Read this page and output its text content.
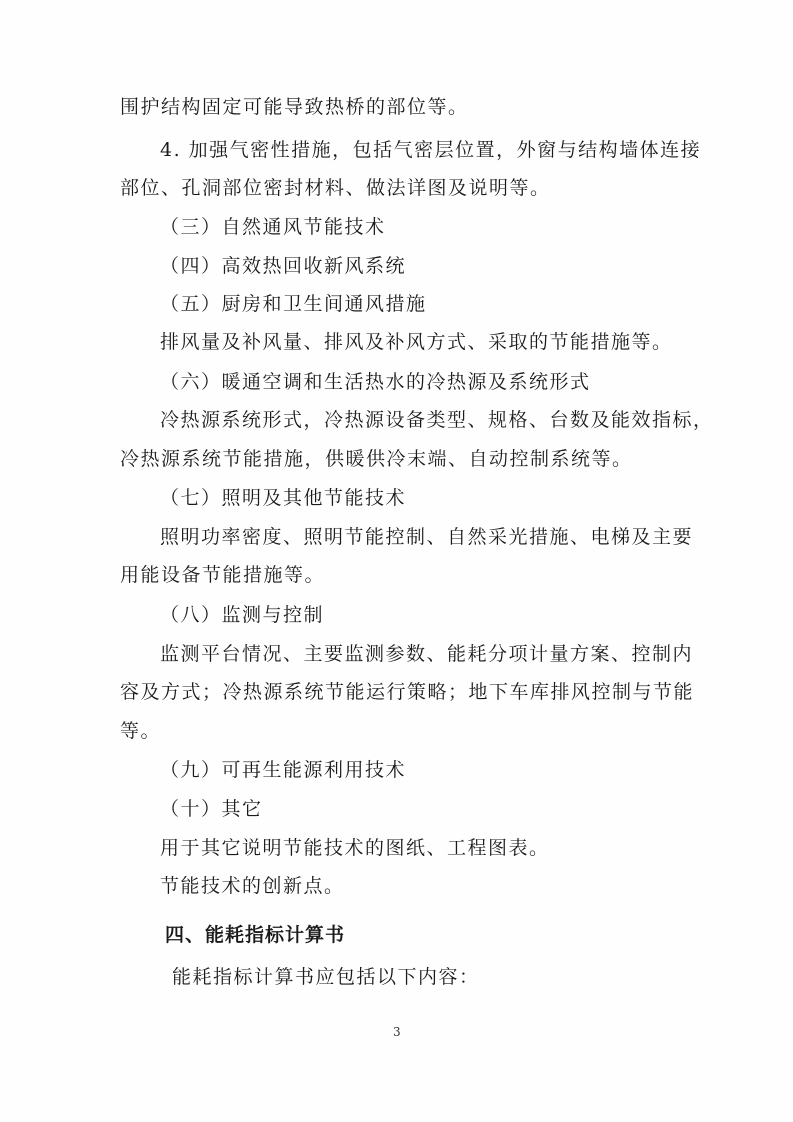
围护结构固定可能导致热桥的部位等。
4. 加强气密性措施，包括气密层位置，外窗与结构墙体连接
部位、孔洞部位密封材料、做法详图及说明等。
（三）自然通风节能技术
（四）高效热回收新风系统
（五）厨房和卫生间通风措施
排风量及补风量、排风及补风方式、采取的节能措施等。
（六）暖通空调和生活热水的冷热源及系统形式
冷热源系统形式，冷热源设备类型、规格、台数及能效指标，
冷热源系统节能措施，供暖供冷末端、自动控制系统等。
（七）照明及其他节能技术
照明功率密度、照明节能控制、自然采光措施、电梯及主要
用能设备节能措施等。
（八）监测与控制
监测平台情况、主要监测参数、能耗分项计量方案、控制内
容及方式；冷热源系统节能运行策略；地下车库排风控制与节能
等。
（九）可再生能源利用技术
（十）其它
用于其它说明节能技术的图纸、工程图表。
节能技术的创新点。
四、能耗指标计算书
能耗指标计算书应包括以下内容：
3
